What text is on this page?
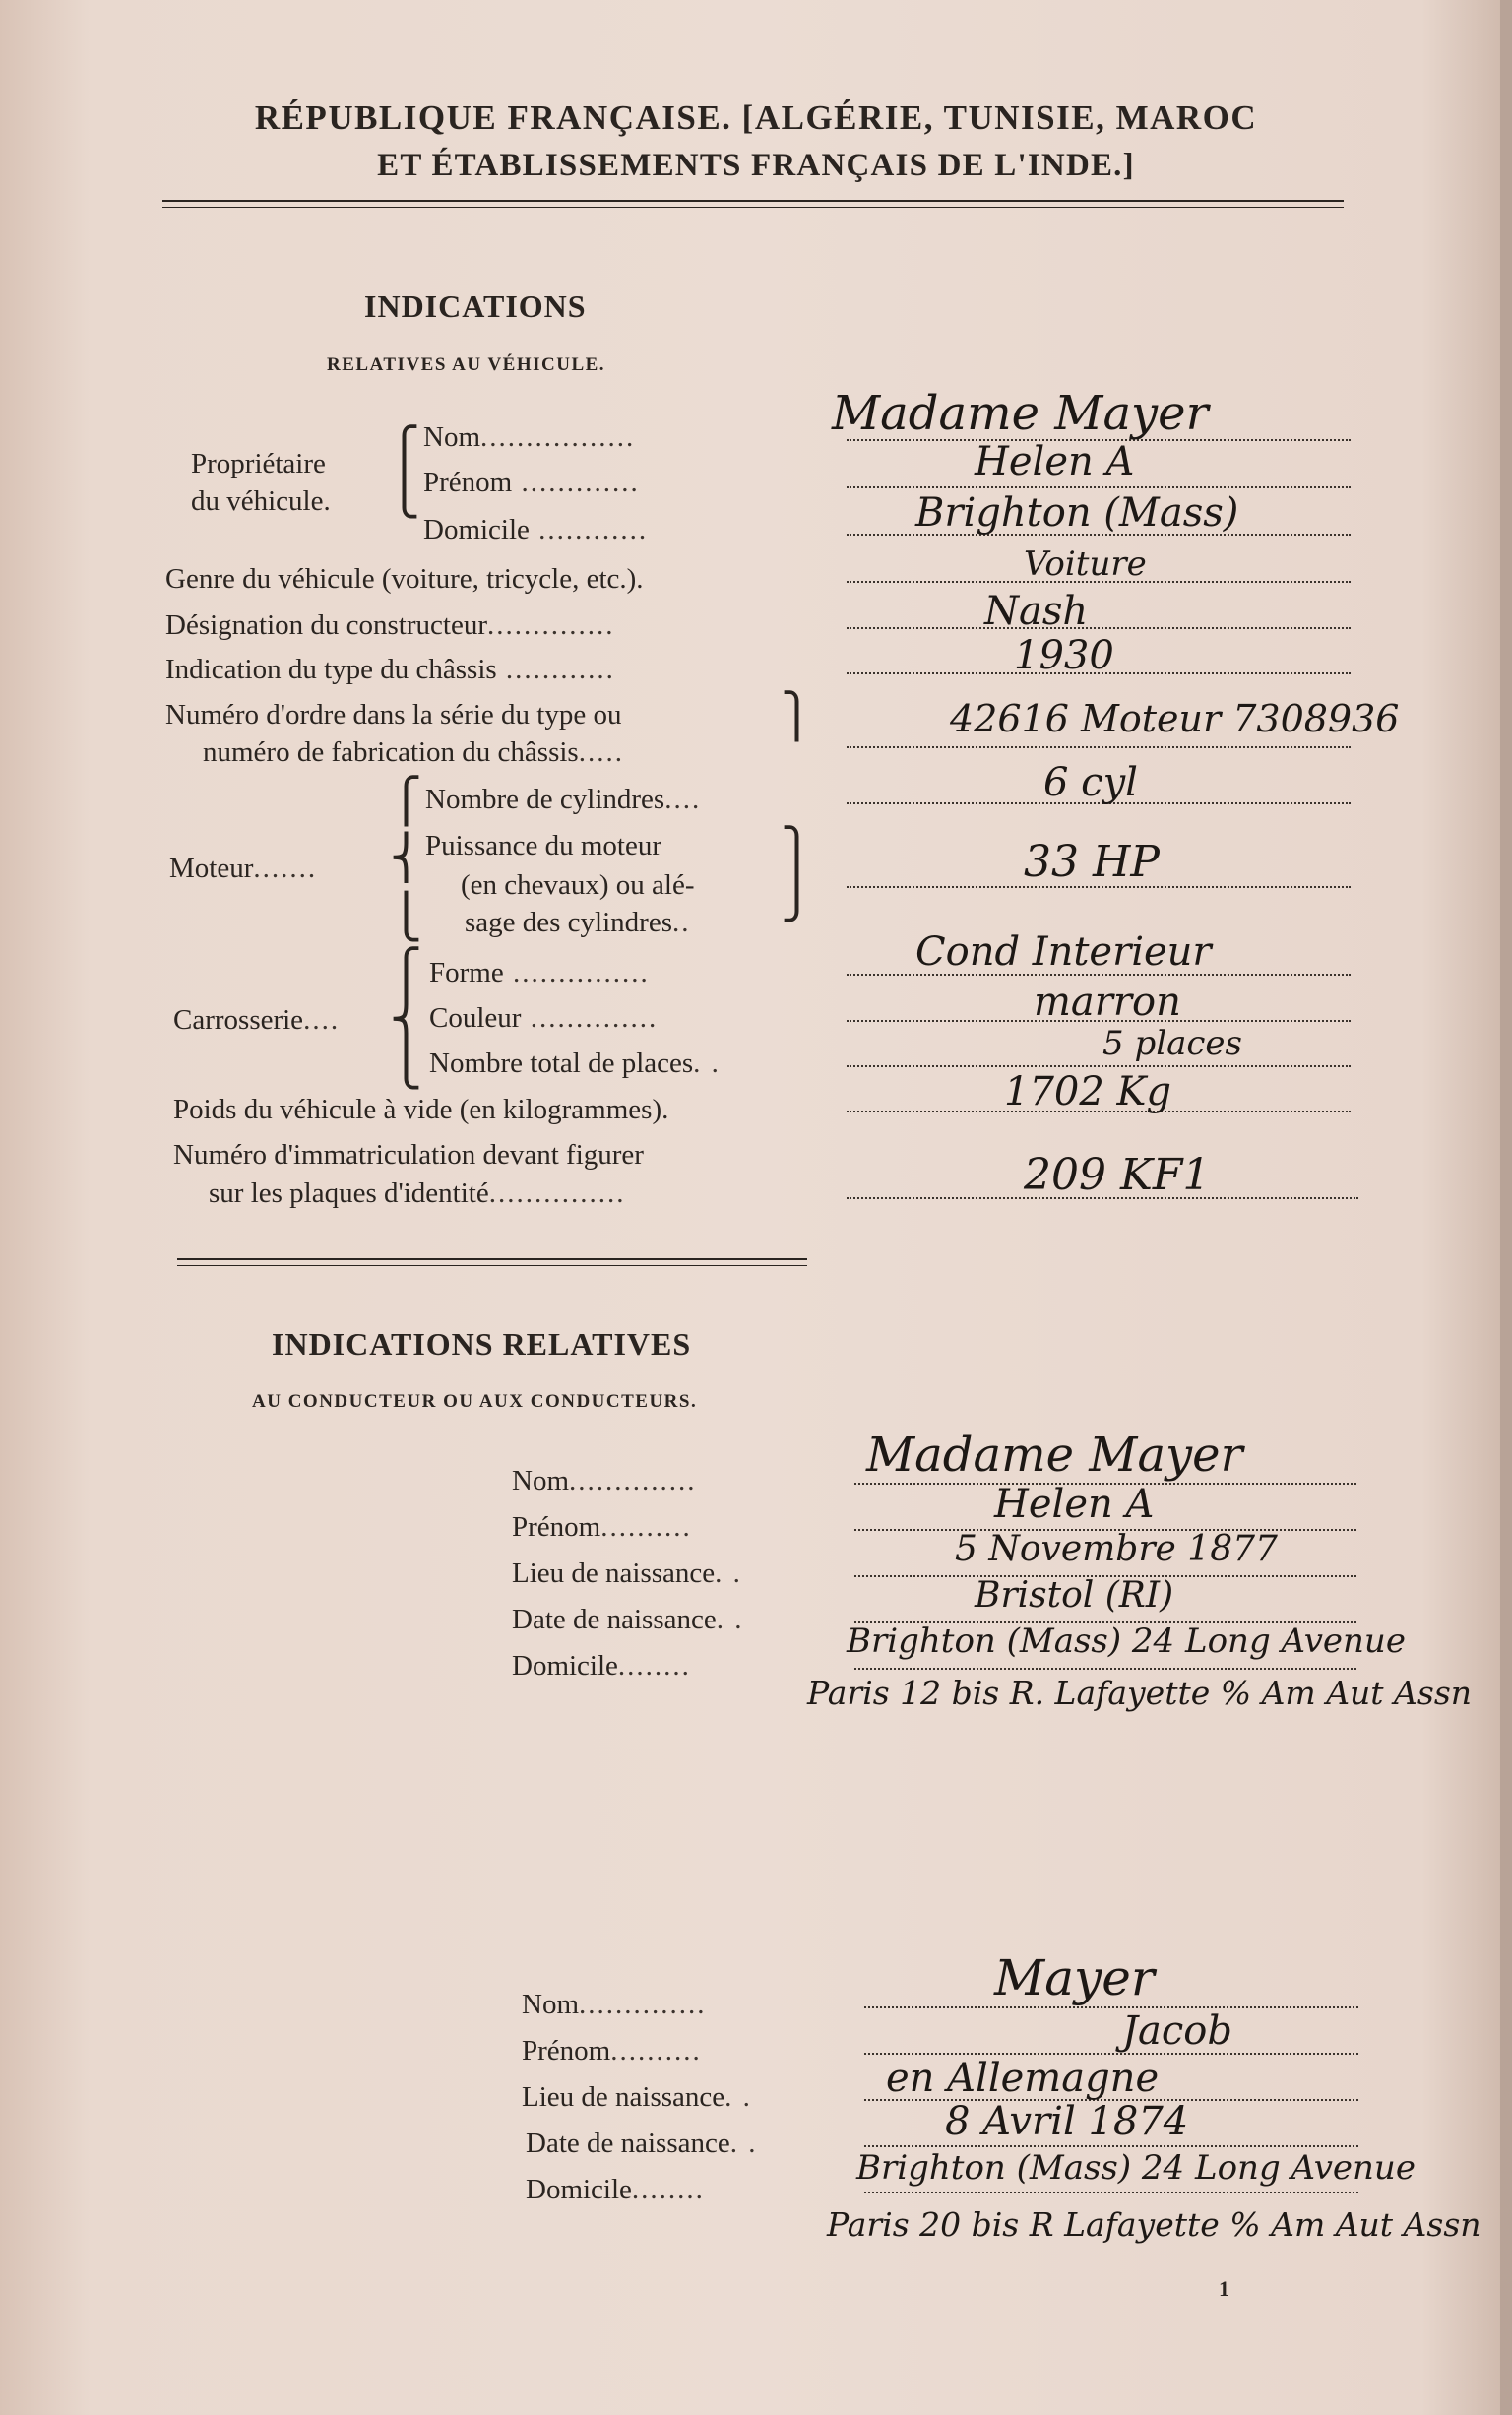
RÉPUBLIQUE FRANÇAISE. [ALGÉRIE, TUNISIE, MAROC
ET ÉTABLISSEMENTS FRANÇAIS DE L'INDE.]
INDICATIONS
RELATIVES AU VÉHICULE.
Propriétaire
du véhicule.
⎧
⎩
Nom.................
Prénom .............
Domicile ............
Genre du véhicule (voiture, tricycle, etc.).
Désignation du constructeur..............
Indication du type du châssis ............
Numéro d'ordre dans la série du type ou
numéro de fabrication du châssis.....
⎫
Moteur.......
⎧
⎨
⎩
Nombre de cylindres....
Puissance du moteur
(en chevaux) ou alé-
sage des cylindres..
⎫
⎭
Carrosserie....
⎧
⎨
⎩
Forme ...............
Couleur ..............
Nombre total de places. .
Poids du véhicule à vide (en kilogrammes).
Numéro d'immatriculation devant figurer
sur les plaques d'identité...............
Madame Mayer
Helen A
Brighton (Mass)
Voiture
Nash
1930
42616 Moteur 7308936
6 cyl
33 HP
Cond Interieur
marron
5 places
1702 Kg
209 KF1
INDICATIONS RELATIVES
AU CONDUCTEUR OU AUX CONDUCTEURS.
Nom..............
Prénom..........
Lieu de naissance. .
Date de naissance. .
Domicile........
Madame Mayer
Helen A
5 Novembre 1877
Bristol (RI)
Brighton (Mass) 24 Long Avenue
Paris 12 bis R. Lafayette % Am Aut Assn
Nom..............
Prénom..........
Lieu de naissance. .
Date de naissance. .
Domicile........
Mayer
Jacob
en Allemagne
8 Avril 1874
Brighton (Mass) 24 Long Avenue
Paris 20 bis R Lafayette % Am Aut Assn
1
